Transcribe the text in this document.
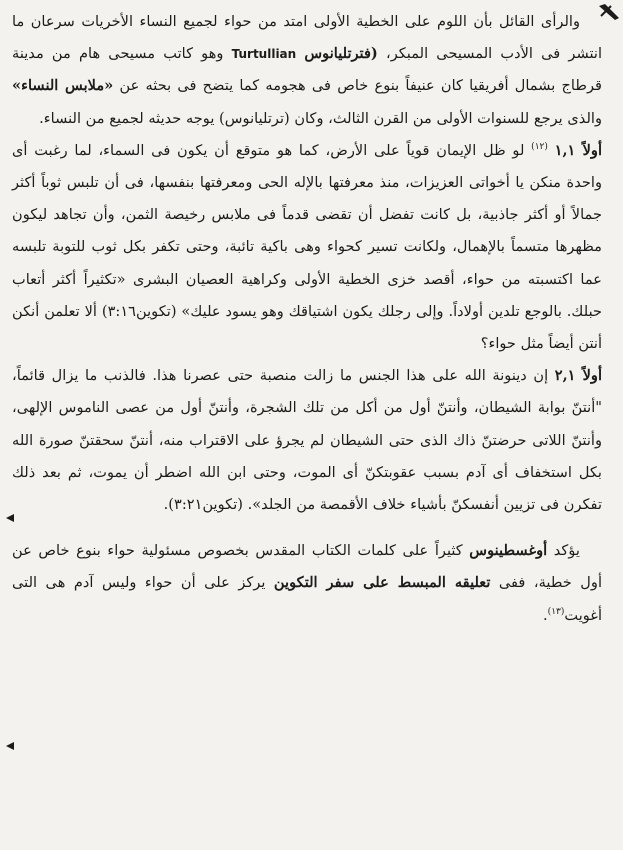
والرأى القائل بأن اللوم على الخطية الأولى امتد من حواء لجميع النساء الأخريات سرعان ما انتشر فى الأدب المسيحى المبكر، (فترتليانوس Turtullian وهو كاتب مسيحى هام من مدينة قرطاج بشمال أفريقيا كان عنيفاً بنوع خاص فى هجومه كما يتضح فى بحثه عن «ملابس النساء» والذى يرجع للسنوات الأولى من القرن الثالث، وكان (ترتليانوس) يوجه حديثه لجميع من النساء.

أولاً ١,١ $^{(١٢)}$ لو ظل الإيمان قوياً على الأرض، كما هو متوقع أن يكون فى السماء، لما رغبت أى واحدة منكن يا أخواتى العزيزات، منذ معرفتها بالإله الحى ومعرفتها بنفسها، فى أن تلبس ثوباً أكثر جمالاً أو أكثر جاذبية، بل كانت تفضل أن تقضى قدماً فى ملابس رخيصة الثمن، وأن تجاهد ليكون مظهرها متسماً بالإهمال، ولكانت تسير كحواء وهى باكية تائبة، وحتى تكفر بكل ثوب للتوبة تلبسه عما اكتسبته من حواء، أقصد خزى الخطية الأولى وكراهية العصيان البشرى «تكثيراً أكثر أتعاب حبلك. بالوجع تلدين أولاداً. وإلى رجلك يكون اشتياقك وهو يسود عليك» (تكوين٣:١٦) ألا تعلمن أنكن أنتن أيضاً مثل حواء؟

أولاً ٢,١ إن دينونة الله على هذا الجنس ما زالت منصبة حتى عصرنا هذا. فالذنب ما يزال قائماً، "أنتنّ بوابة الشيطان، وأنتنّ أول من أكل من تلك الشجرة، وأنتنّ أول من عصى الناموس الإلهى، وأنتنّ اللاتى حرضتنّ ذاك الذى حتى الشيطان لم يجرؤ على الاقتراب منه، أنتنّ سحقتنّ صورة الله بكل استخفاف أى آدم بسبب عقوبتكنّ أى الموت، وحتى ابن الله اضطر أن يموت، ثم بعد ذلك تفكرن فى تزيين أنفسكنّ بأشياء خلاف الأقمصة من الجلد». (تكوين٣:٢١).

يؤكد أوغسطينوس كثيراً على كلمات الكتاب المقدس بخصوص مسئولية حواء بنوع خاص عن أول خطية، ففى تعليقه المبسط على سفر التكوين يركز على أن حواء وليس آدم هى التى أغويت$^{(١٣)}$.
